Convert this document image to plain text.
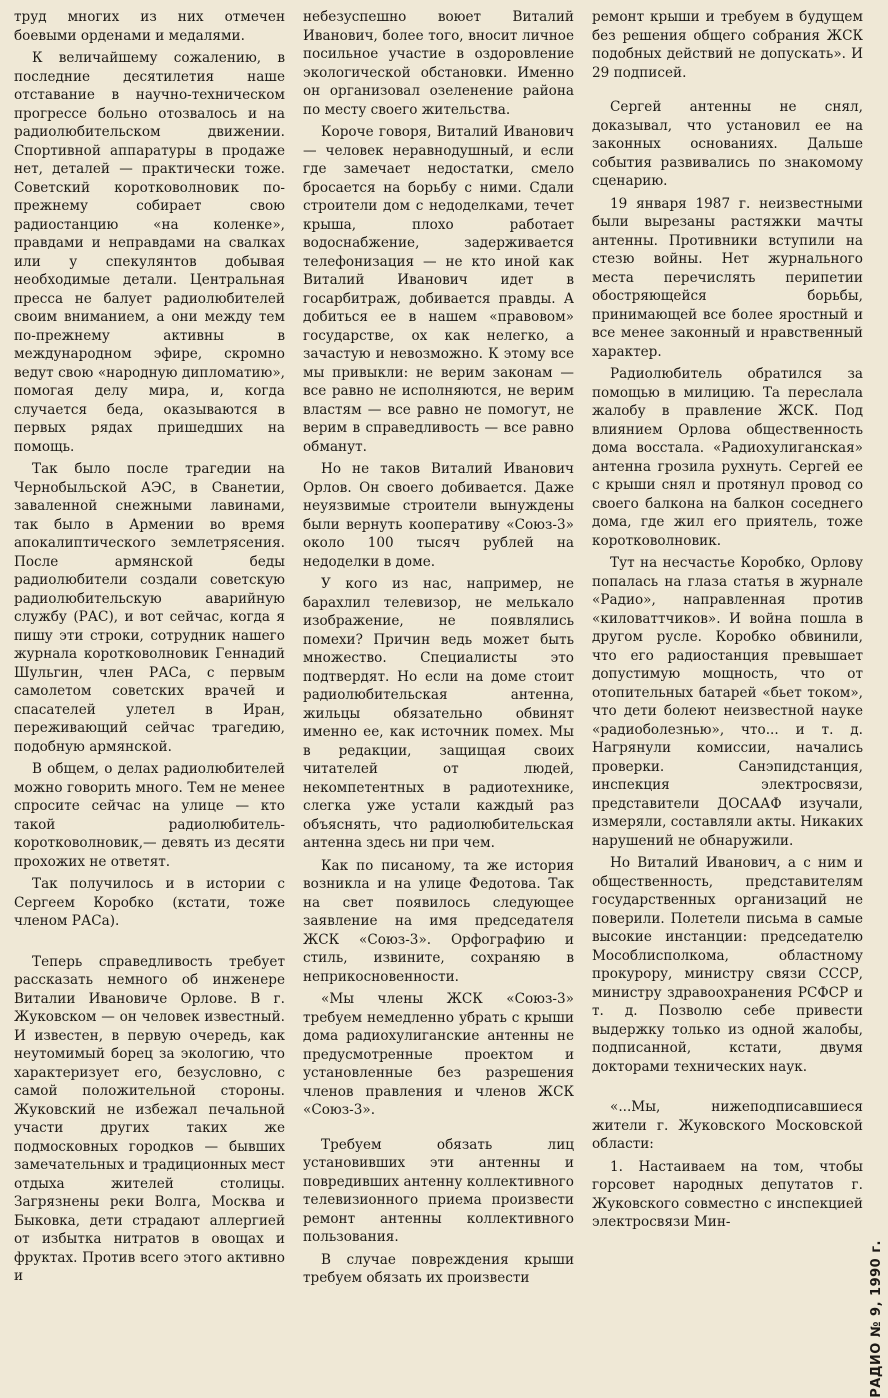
труд многих из них отмечен боевыми орденами и медалями.

К величайшему сожалению, в последние десятилетия наше отставание в научно-техническом прогрессе больно отозвалось и на радиолюбительском движении. Спортивной аппаратуры в продаже нет, деталей — практически тоже. Советский коротковолновик по-прежнему собирает свою радиостанцию «на коленке», правдами и неправдами на свалках или у спекулянтов добывая необходимые детали. Центральная пресса не балует радиолюбителей своим вниманием, а они между тем по-прежнему активны в международном эфире, скромно ведут свою «народную дипломатию», помогая делу мира, и, когда случается беда, оказываются в первых рядах пришедших на помощь.

Так было после трагедии на Чернобыльской АЭС, в Сванетии, заваленной снежными лавинами, так было в Армении во время апокалиптического землетрясения. После армянской беды радиолюбители создали советскую радиолюбительскую аварийную службу (РАС), и вот сейчас, когда я пишу эти строки, сотрудник нашего журнала коротковолновик Геннадий Шульгин, член РАСа, с первым самолетом советских врачей и спасателей улетел в Иран, переживающий сейчас трагедию, подобную армянской.

В общем, о делах радиолюбителей можно говорить много. Тем не менее спросите сейчас на улице — кто такой радиолюбитель-коротковолновик,— девять из десяти прохожих не ответят.

Так получилось и в истории с Сергеем Коробко (кстати, тоже членом РАСа).

Теперь справедливость требует рассказать немного об инженере Виталии Ивановиче Орлове. В г. Жуковском — он человек известный. И известен, в первую очередь, как неутомимый борец за экологию, что характеризует его, безусловно, с самой положительной стороны. Жуковский не избежал печальной участи других таких же подмосковных городков — бывших замечательных и традиционных мест отдыха жителей столицы. Загрязнены реки Волга, Москва и Быковка, дети страдают аллергией от избытка нитратов в овощах и фруктах. Против всего этого активно и

небезуспешно воюет Виталий Иванович, более того, вносит личное посильное участие в оздоровление экологической обстановки. Именно он организовал озеленение района по месту своего жительства.

Короче говоря, Виталий Иванович — человек неравнодушный, и если где замечает недостатки, смело бросается на борьбу с ними. Сдали строители дом с недоделками, течет крыша, плохо работает водоснабжение, задерживается телефонизация — не кто иной как Виталий Иванович идет в госарбитраж, добивается правды. А добиться ее в нашем «правовом» государстве, ох как нелегко, а зачастую и невозможно. К этому все мы привыкли: не верим законам — все равно не исполняются, не верим властям — все равно не помогут, не верим в справедливость — все равно обманут.

Но не таков Виталий Иванович Орлов. Он своего добивается. Даже неуязвимые строители вынуждены были вернуть кооперативу «Союз-3» около 100 тысяч рублей на недоделки в доме.

У кого из нас, например, не барахлил телевизор, не мелькало изображение, не появлялись помехи? Причин ведь может быть множество. Специалисты это подтвердят. Но если на доме стоит радиолюбительская антенна, жильцы обязательно обвинят именно ее, как источник помех. Мы в редакции, защищая своих читателей от людей, некомпетентных в радиотехнике, слегка уже устали каждый раз объяснять, что радиолюбительская антенна здесь ни при чем.

Как по писаному, та же история возникла и на улице Федотова. Так на свет появилось следующее заявление на имя председателя ЖСК «Союз-3». Орфографию и стиль, извините, сохраняю в неприкосновенности.

«Мы члены ЖСК «Союз-3» требуем немедленно убрать с крыши дома радиохулиганские антенны не предусмотренные проектом и установленные без разрешения членов правления и членов ЖСК «Союз-3».

Требуем обязать лиц установивших эти антенны и повредивших антенну коллективного телевизионного приема произвести ремонт антенны коллективного пользования.

В случае повреждения крыши требуем обязать их произвести

ремонт крыши и требуем в будущем без решения общего собрания ЖСК подобных действий не допускать». И 29 подписей.

Сергей антенны не снял, доказывал, что установил ее на законных основаниях. Дальше события развивались по знакомому сценарию.

19 января 1987 г. неизвестными были вырезаны растяжки мачты антенны. Противники вступили на стезю войны. Нет журнального места перечислять перипетии обостряющейся борьбы, принимающей все более яростный и все менее законный и нравственный характер.

Радиолюбитель обратился за помощью в милицию. Та переслала жалобу в правление ЖСК. Под влиянием Орлова общественность дома восстала. «Радиохулиганская» антенна грозила рухнуть. Сергей ее с крыши снял и протянул провод со своего балкона на балкон соседнего дома, где жил его приятель, тоже коротковолновик.

Тут на несчастье Коробко, Орлову попалась на глаза статья в журнале «Радио», направленная против «киловаттчиков». И война пошла в другом русле. Коробко обвинили, что его радиостанция превышает допустимую мощность, что от отопительных батарей «бьет током», что дети болеют неизвестной науке «радиоболезнью», что... и т. д. Нагрянули комиссии, начались проверки. Санэпидстанция, инспекция электросвязи, представители ДОСААФ изучали, измеряли, составляли акты. Никаких нарушений не обнаружили.

Но Виталий Иванович, а с ним и общественность, представителям государственных организаций не поверили. Полетели письма в самые высокие инстанции: председателю Мособлисполкома, областному прокурору, министру связи СССР, министру здравоохранения РСФСР и т. д. Позволю себе привести выдержку только из одной жалобы, подписанной, кстати, двумя докторами технических наук.

«...Мы, нижеподписавшиеся жители г. Жуковского Московской области:

1. Настаиваем на том, чтобы горсовет народных депутатов г. Жуковского совместно с инспекцией электросвязи Мин-

РАДИО № 9, 1990 г.
